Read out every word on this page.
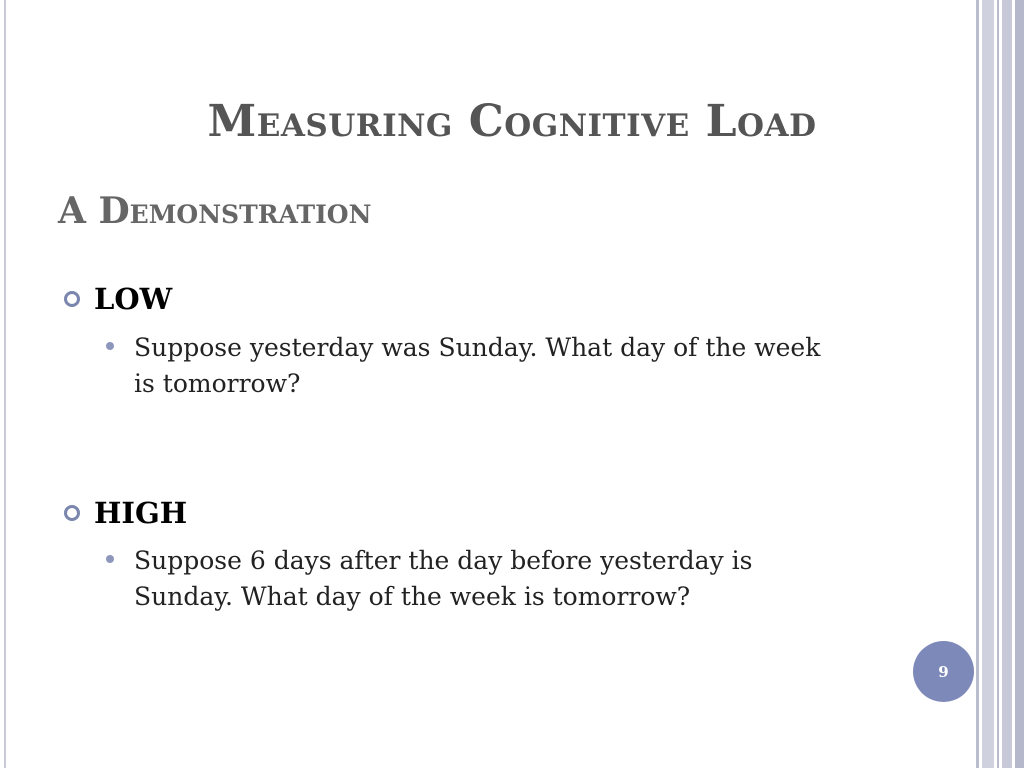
Measuring Cognitive Load
A Demonstration
LOW
Suppose yesterday was Sunday. What day of the week is tomorrow?
HIGH
Suppose 6 days after the day before yesterday is Sunday. What day of the week is tomorrow?
9
